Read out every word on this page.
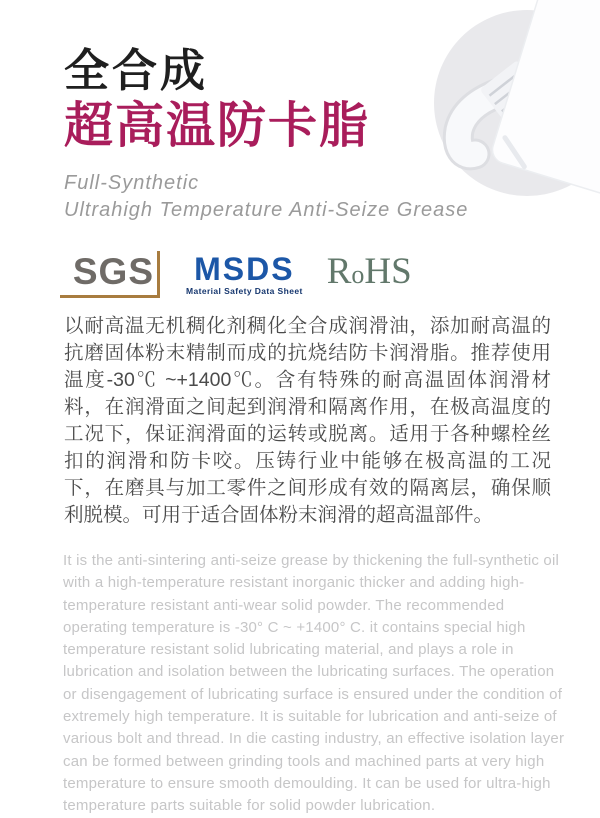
全合成
超高温防卡脂
Full-Synthetic
Ultrahigh Temperature Anti-Seize Grease
SGS MSDS
Material Safety Data Sheet RoHS
以耐高温无机稠化剂稠化全合成润滑油，添加耐高温的抗磨固体粉末精制而成的抗烧结防卡润滑脂。推荐使用温度-30℃ ~+1400℃。含有特殊的耐高温固体润滑材料，在润滑面之间起到润滑和隔离作用，在极高温度的工况下，保证润滑面的运转或脱离。适用于各种螺栓丝扣的润滑和防卡咬。压铸行业中能够在极高温的工况下，在磨具与加工零件之间形成有效的隔离层，确保顺利脱模。可用于适合固体粉末润滑的超高温部件。
It is the anti-sintering anti-seize grease by thickening the full-synthetic oil with a high-temperature resistant inorganic thicker and adding high-temperature resistant anti-wear solid powder. The recommended operating temperature is -30° C ~ +1400° C. it contains special high temperature resistant solid lubricating material, and plays a role in lubrication and isolation between the lubricating surfaces. The operation or disengagement of lubricating surface is ensured under the condition of extremely high temperature. It is suitable for lubrication and anti-seize of various bolt and thread. In die casting industry, an effective isolation layer can be formed between grinding tools and machined parts at very high temperature to ensure smooth demoulding. It can be used for ultra-high temperature parts suitable for solid powder lubrication.
